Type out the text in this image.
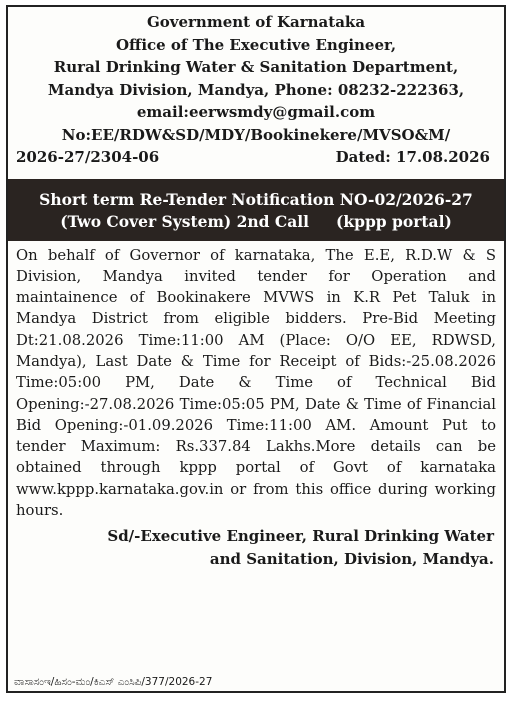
Government of Karnataka
Office of The Executive Engineer,
Rural Drinking Water & Sanitation Department,
Mandya Division, Mandya, Phone: 08232-222363,
email:eerwsmdy@gmail.com
No:EE/RDW&SD/MDY/Bookinekere/MVSO&M/
2026-27/2304-06	Dated: 17.08.2026
Short term Re-Tender Notification NO-02/2026-27
(Two Cover System) 2nd Call     (kppp portal)

On behalf of Governor of karnataka, The E.E, R.D.W & S Division, Mandya invited tender for Operation and maintainence of Bookinakere MVWS in K.R Pet Taluk in Mandya District from eligible bidders. Pre-Bid Meeting Dt:21.08.2026 Time:11:00 AM (Place: O/O EE, RDWSD, Mandya), Last Date & Time for Receipt of Bids:-25.08.2026 Time:05:00 PM, Date & Time of Technical Bid Opening:-27.08.2026 Time:05:05 PM, Date & Time of Financial Bid Opening:-01.09.2026 Time:11:00 AM. Amount Put to tender Maximum: Rs.337.84 Lakhs.More details can be obtained through kppp portal of Govt of karnataka www.kppp.karnataka.gov.in or from this office during working hours.

Sd/-Executive Engineer, Rural Drinking Water
and Sanitation, Division, Mandya.
ವಾಸಾಸಂಇ/ಹಿಸಂ-ಮಂ/ಕಿಎಸ್ ಎಂಸಿಪಿ/377/2026-27
